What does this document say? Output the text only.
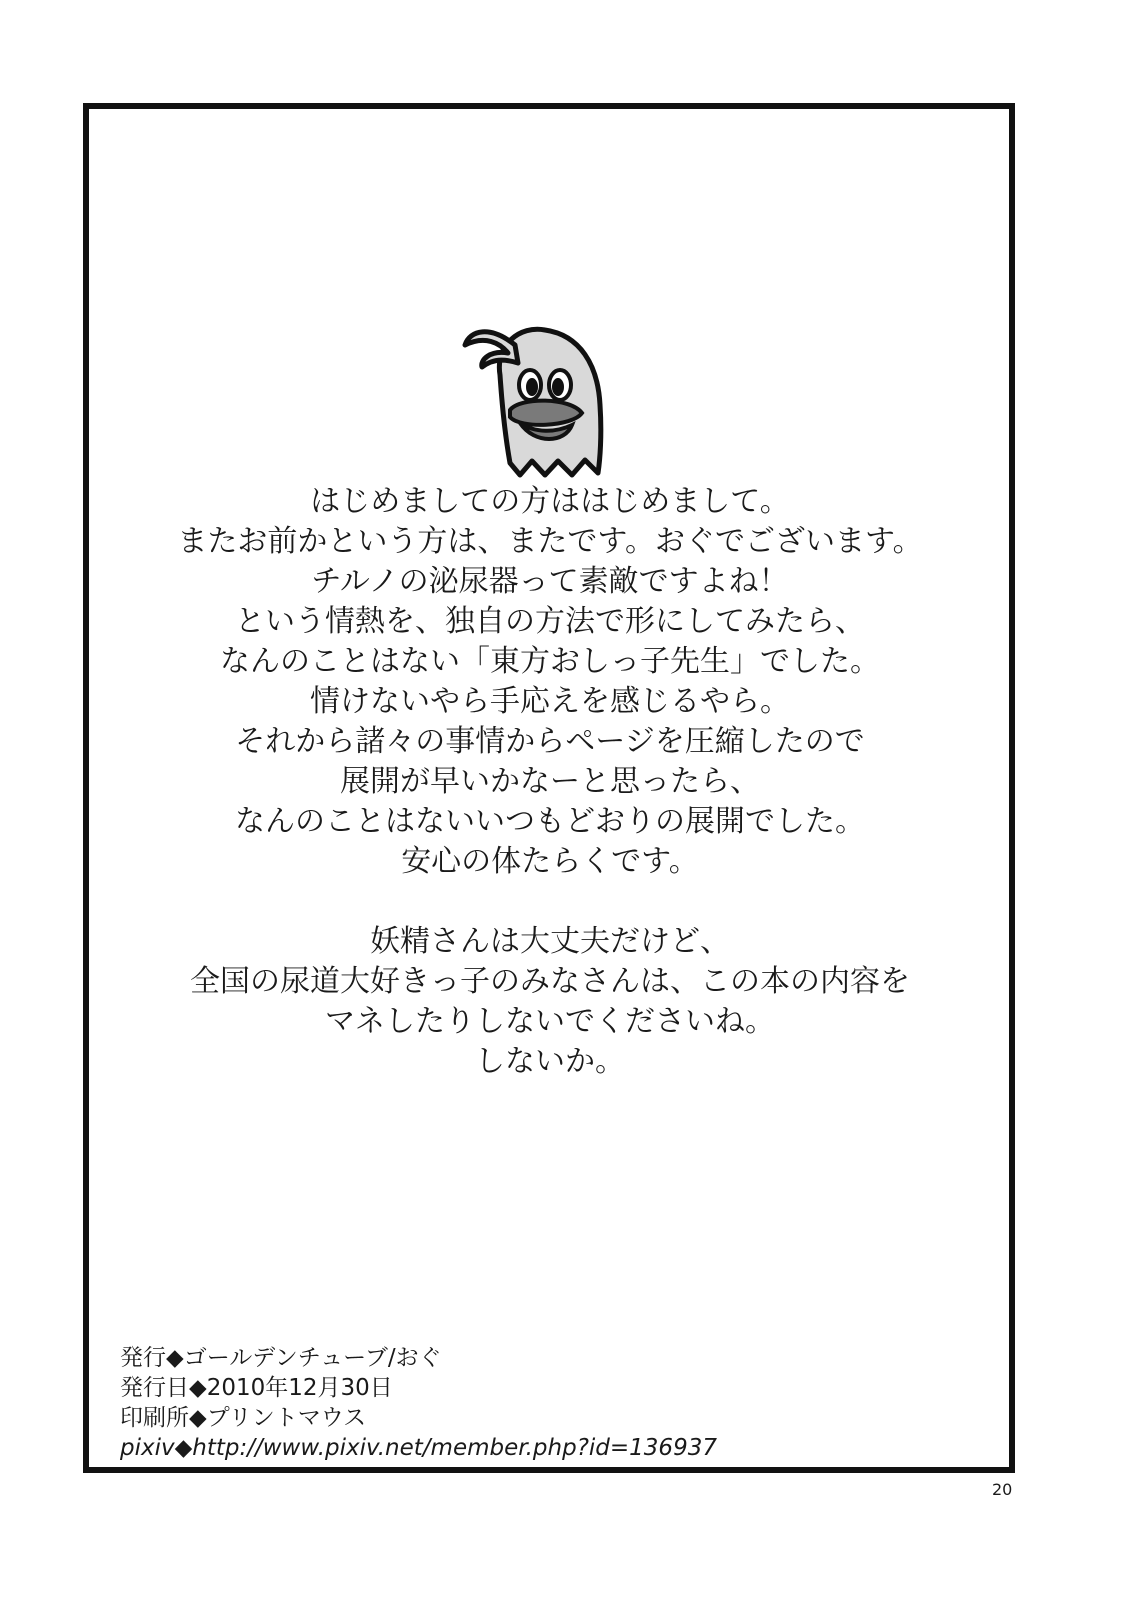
はじめましての方ははじめまして。
またお前かという方は、またです。おぐでございます。
チルノの泌尿器って素敵ですよね！
という情熱を、独自の方法で形にしてみたら、
なんのことはない「東方おしっ子先生」でした。
情けないやら手応えを感じるやら。
それから諸々の事情からページを圧縮したので
展開が早いかなーと思ったら、
なんのことはないいつもどおりの展開でした。
安心の体たらくです。
妖精さんは大丈夫だけど、
全国の尿道大好きっ子のみなさんは、この本の内容を
マネしたりしないでくださいね。
しないか。
発行◆ゴールデンチューブ/おぐ
発行日◆2010年12月30日
印刷所◆プリントマウス
pixiv◆http://www.pixiv.net/member.php?id=136937
20
